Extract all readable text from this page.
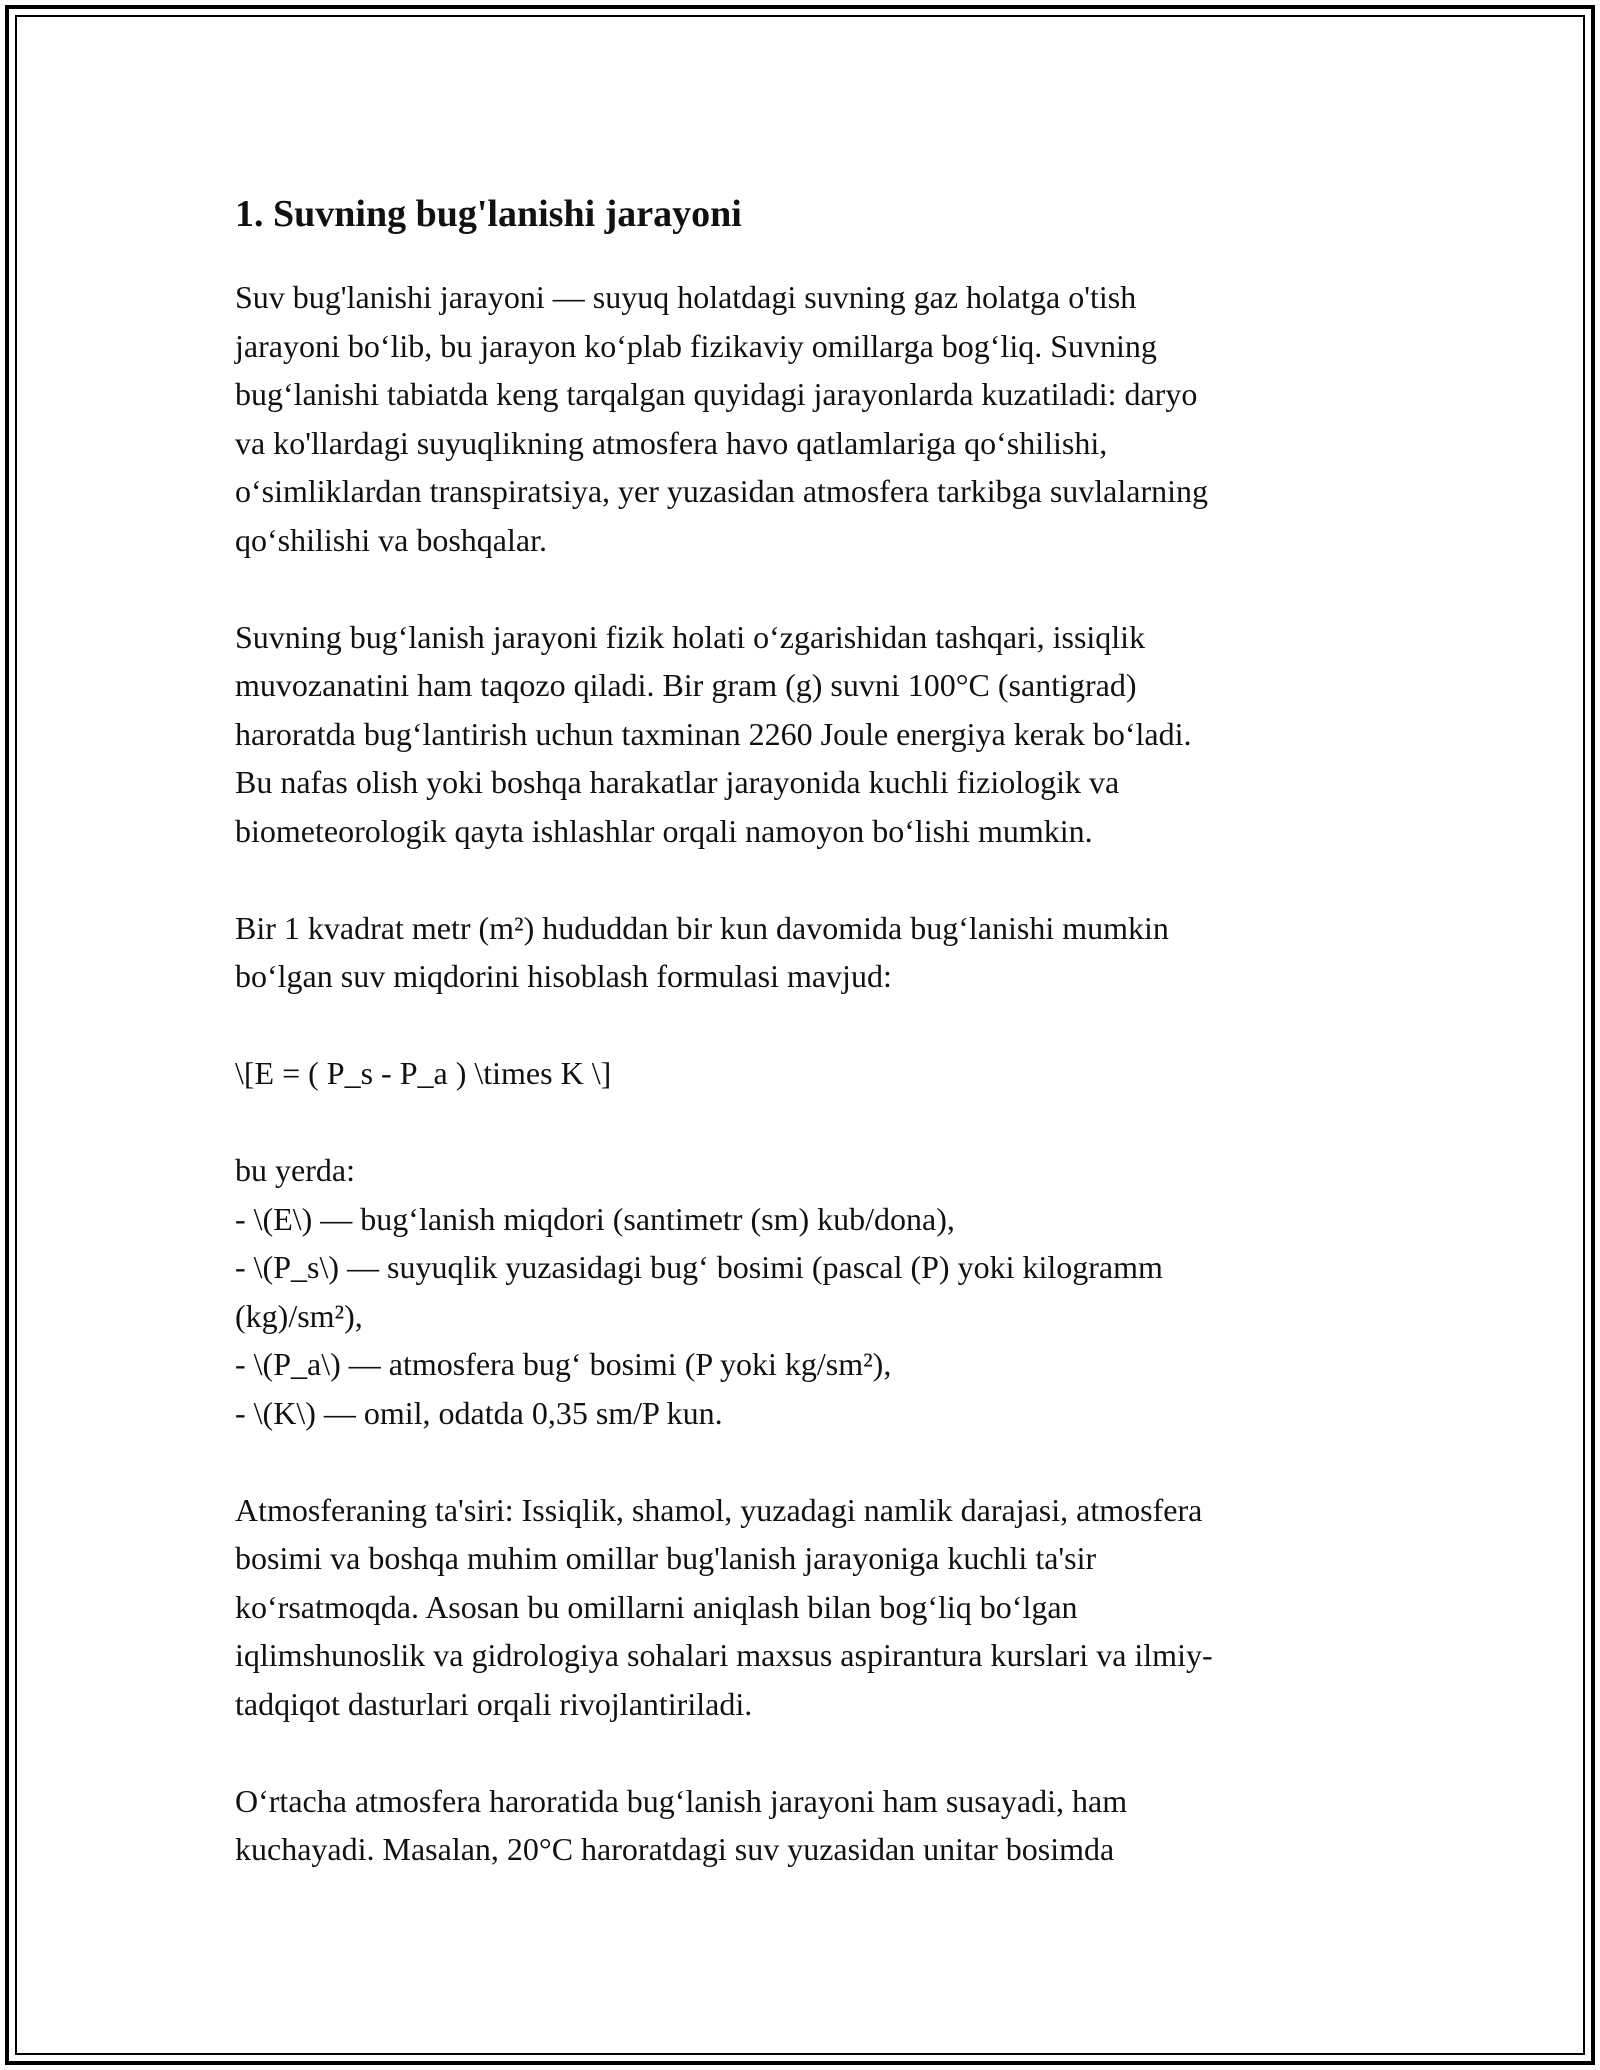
1. Suvning bug'lanishi jarayoni
Suv bug'lanishi jarayoni — suyuq holatdagi suvning gaz holatga o'tish
jarayoni bo‘lib, bu jarayon ko‘plab fizikaviy omillarga bog‘liq. Suvning
bug‘lanishi tabiatda keng tarqalgan quyidagi jarayonlarda kuzatiladi: daryo
va ko'llardagi suyuqlikning atmosfera havo qatlamlariga qo‘shilishi,
o‘simliklardan transpiratsiya, yer yuzasidan atmosfera tarkibga suvlalarning
qo‘shilishi va boshqalar.
Suvning bug‘lanish jarayoni fizik holati o‘zgarishidan tashqari, issiqlik
muvozanatini ham taqozo qiladi. Bir gram (g) suvni 100°C (santigrad)
haroratda bug‘lantirish uchun taxminan 2260 Joule energiya kerak bo‘ladi.
Bu nafas olish yoki boshqa harakatlar jarayonida kuchli fiziologik va
biometeorologik qayta ishlashlar orqali namoyon bo‘lishi mumkin.
Bir 1 kvadrat metr (m²) hududdan bir kun davomida bug‘lanishi mumkin
bo‘lgan suv miqdorini hisoblash formulasi mavjud:
\[E = ( P_s - P_a ) \times K \]
bu yerda:
- \(E\) — bug‘lanish miqdori (santimetr (sm) kub/dona),
- \(P_s\) — suyuqlik yuzasidagi bug‘ bosimi (pascal (P) yoki kilogramm
(kg)/sm²),
- \(P_a\) — atmosfera bug‘ bosimi (P yoki kg/sm²),
- \(K\) — omil, odatda 0,35 sm/P kun.
Atmosferaning ta'siri: Issiqlik, shamol, yuzadagi namlik darajasi, atmosfera
bosimi va boshqa muhim omillar bug'lanish jarayoniga kuchli ta'sir
ko‘rsatmoqda. Asosan bu omillarni aniqlash bilan bog‘liq bo‘lgan
iqlimshunoslik va gidrologiya sohalari maxsus aspirantura kurslari va ilmiy-
tadqiqot dasturlari orqali rivojlantiriladi.
O‘rtacha atmosfera haroratida bug‘lanish jarayoni ham susayadi, ham
kuchayadi. Masalan, 20°C haroratdagi suv yuzasidan unitar bosimda
